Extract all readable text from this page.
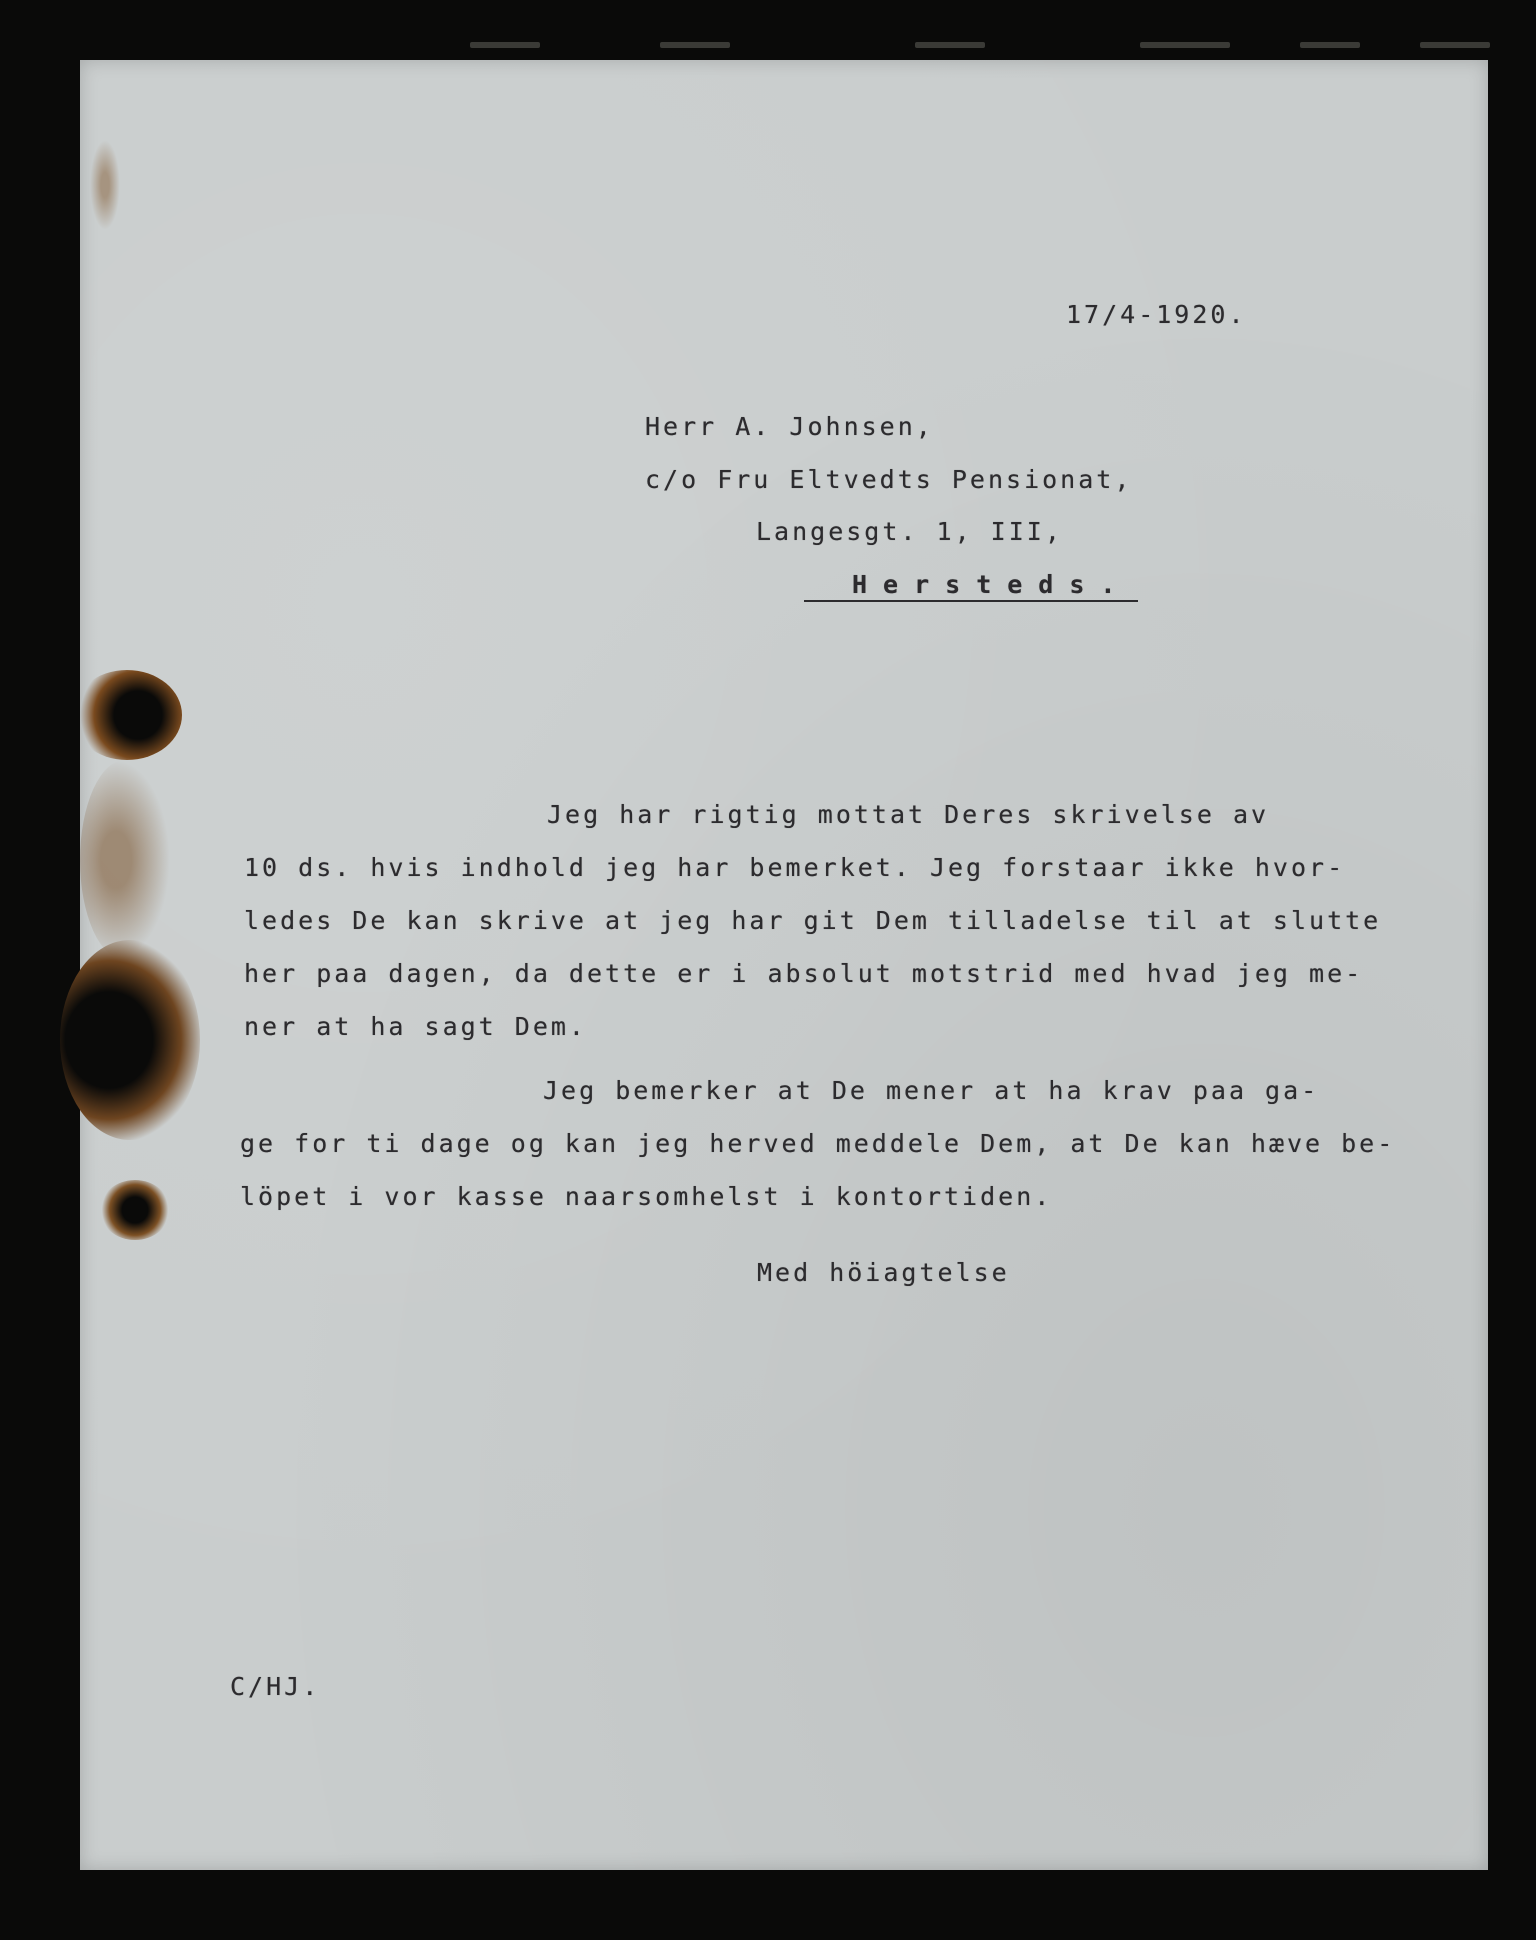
17/4-1920.
Herr A. Johnsen,
c/o Fru Eltvedts Pensionat,
Langesgt. 1, III,
Hersteds.
Jeg har rigtig mottat Deres skrivelse av
10 ds. hvis indhold jeg har bemerket. Jeg forstaar ikke hvor-
ledes De kan skrive at jeg har git Dem tilladelse til at slutte
her paa dagen, da dette er i absolut motstrid med hvad jeg me-
ner at ha sagt Dem.
Jeg bemerker at De mener at ha krav paa ga-
ge for ti dage og kan jeg herved meddele Dem, at De kan hæve be-
löpet i vor kasse naarsomhelst i kontortiden.
Med höiagtelse
C/HJ.
